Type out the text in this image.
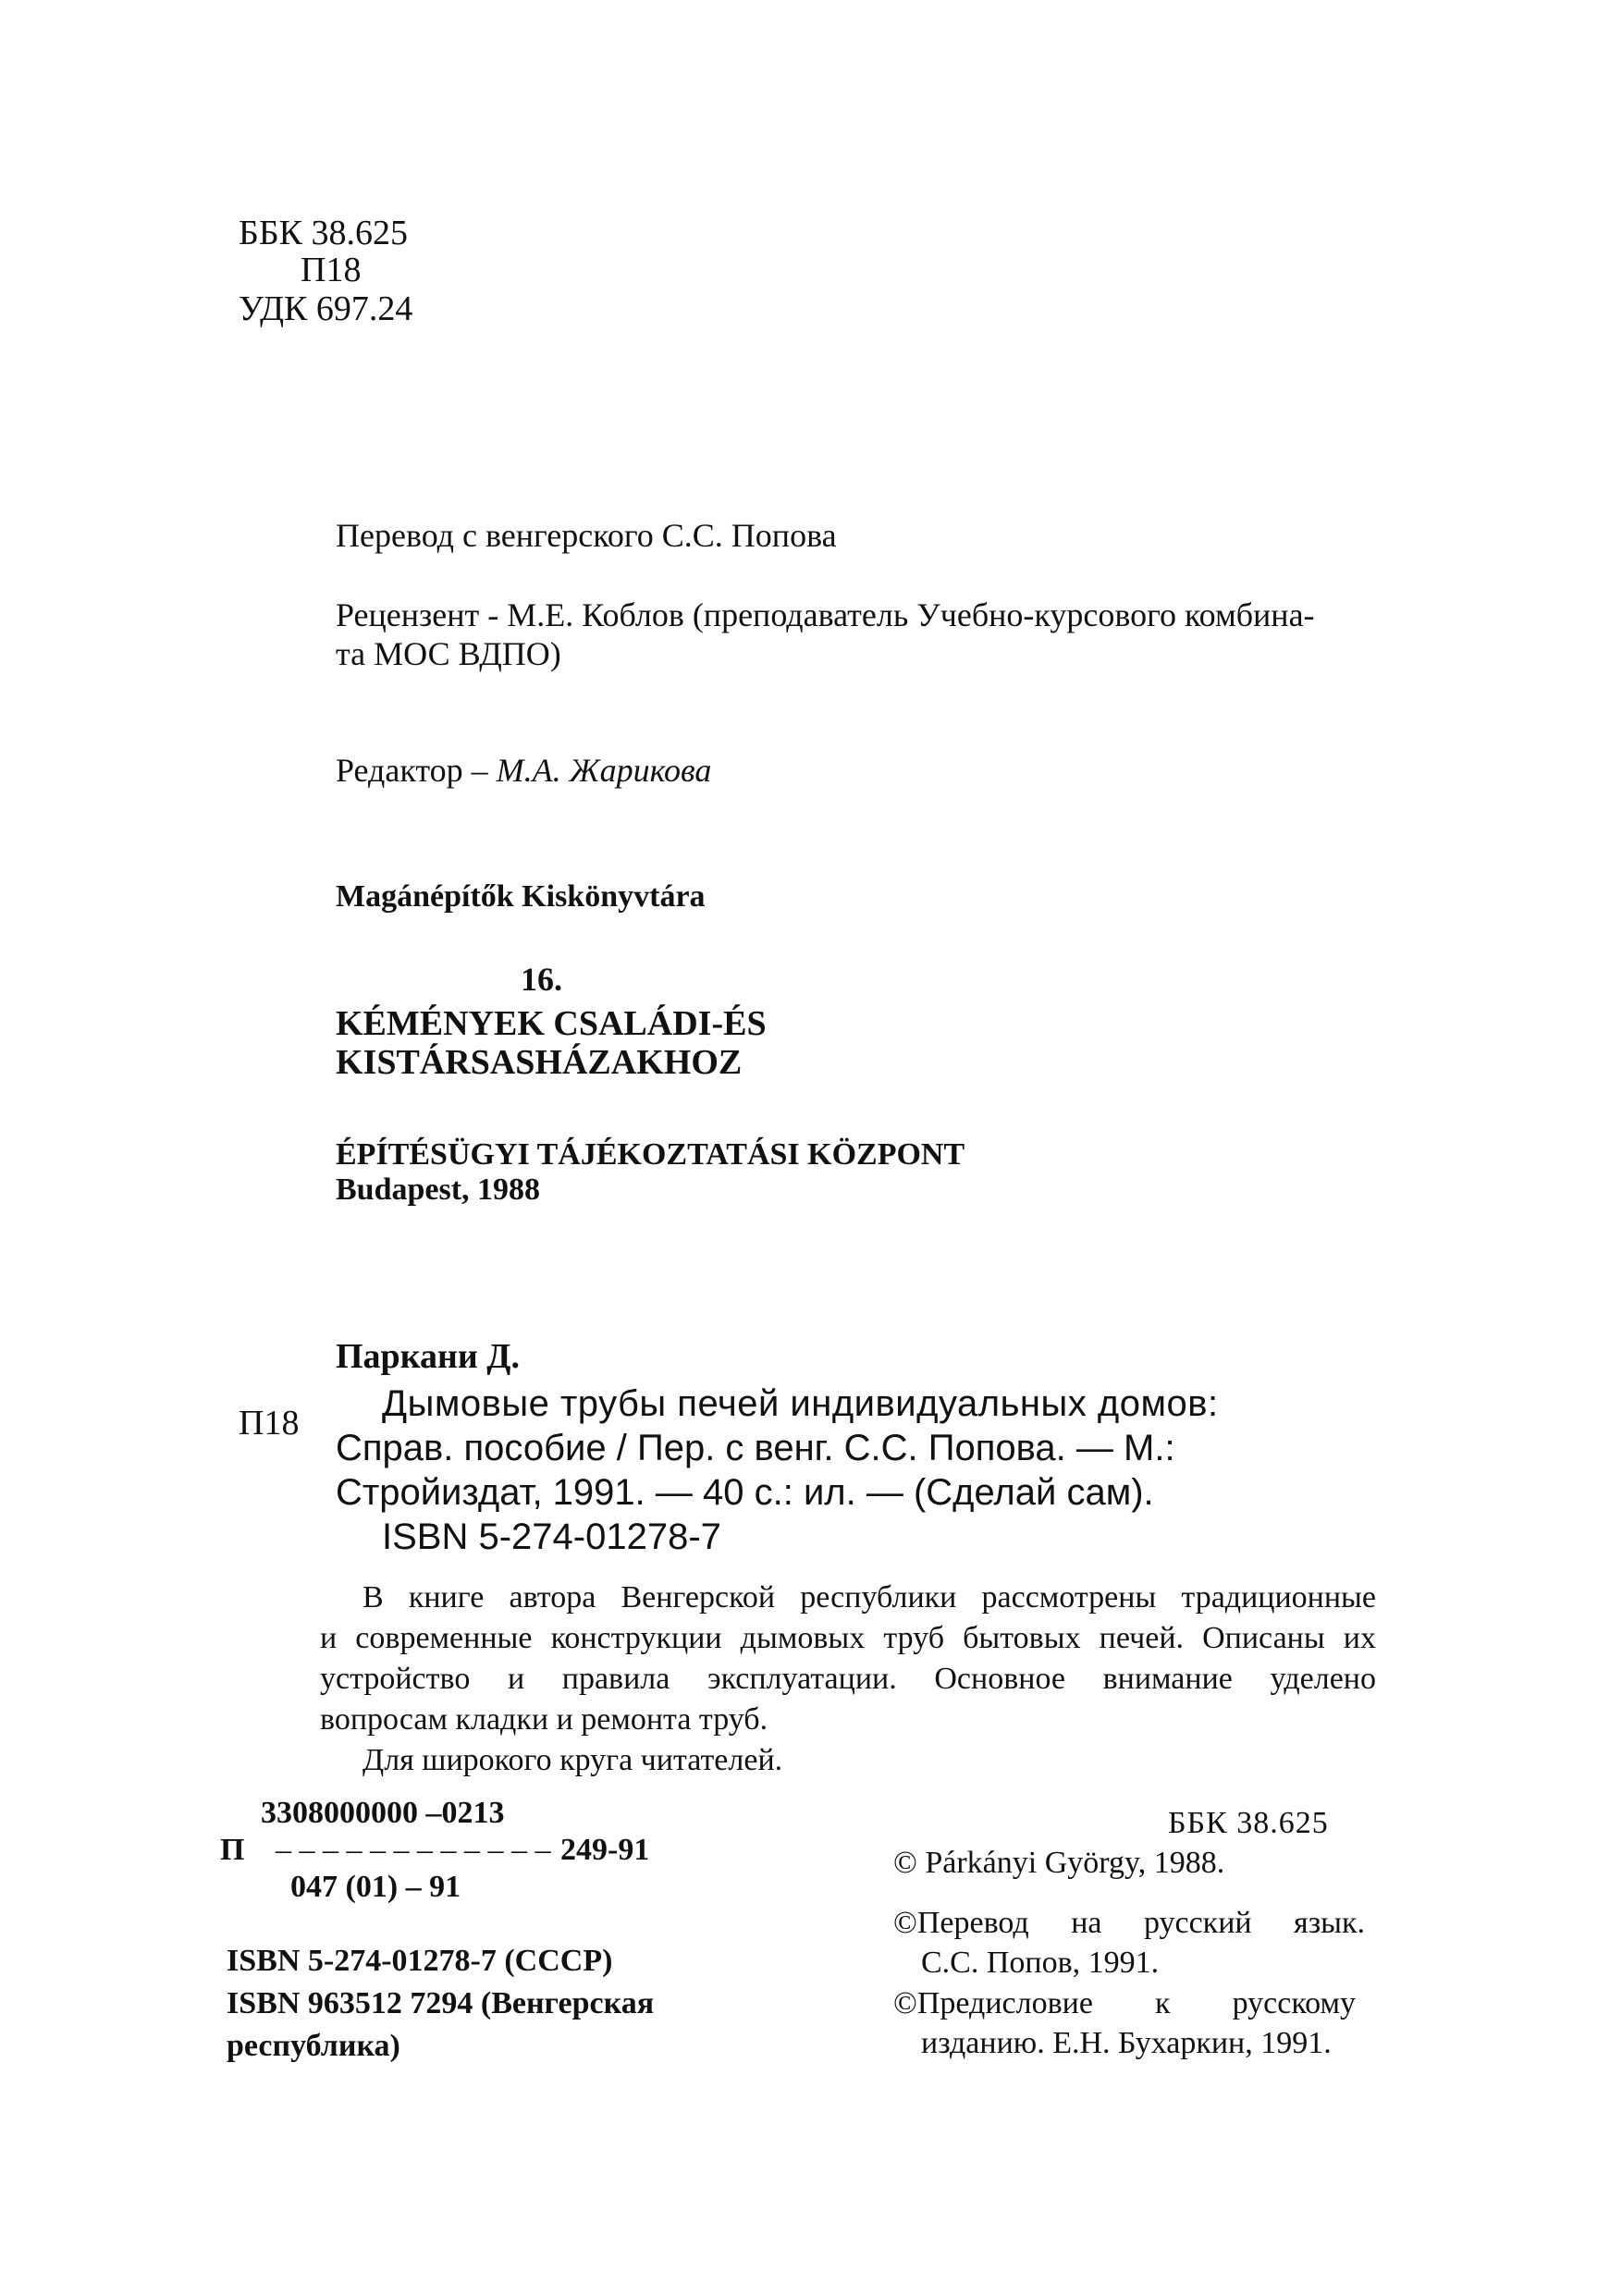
ББК 38.625
П18
УДК 697.24
Перевод с венгерского С.С. Попова
Рецензент - М.Е. Коблов (преподаватель Учебно-курсового комбина-
та МОС ВДПО)
Редактор – М.А. Жарикова
Magánépítők Kiskönyvtára
16.
KÉMÉNYEK CSALÁDI-ÉS
KISTÁRSASHÁZAKHOZ
ÉPÍTÉSÜGYI TÁJÉKOZTATÁSI KÖZPONT
Budapest, 1988
Паркани Д.
П18 Дымовые трубы печей индивидуальных домов:
Справ. пособие / Пер. с венг. С.С. Попова. — М.:
Стройиздат, 1991. — 40 с.: ил. — (Сделай сам).
ISBN 5-274-01278-7
В книге автора Венгерской республики рассмотрены традиционные
и современные конструкции дымовых труб бытовых печей. Описаны их
устройство и правила эксплуатации. Основное внимание уделено
вопросам кладки и ремонта труб.
Для широкого круга читателей.
3308000000 –0213
П – – – – – – – – – – – – 249-91
047 (01) – 91
ISBN 5-274-01278-7 (СССР)
ISBN 963512 7294 (Венгерская
республика)
ББК 38.625
© Párkányi György, 1988.
©Перевод на русский язык.
С.С. Попов, 1991.
©Предисловие к русскому
изданию. Е.Н. Бухаркин, 1991.
